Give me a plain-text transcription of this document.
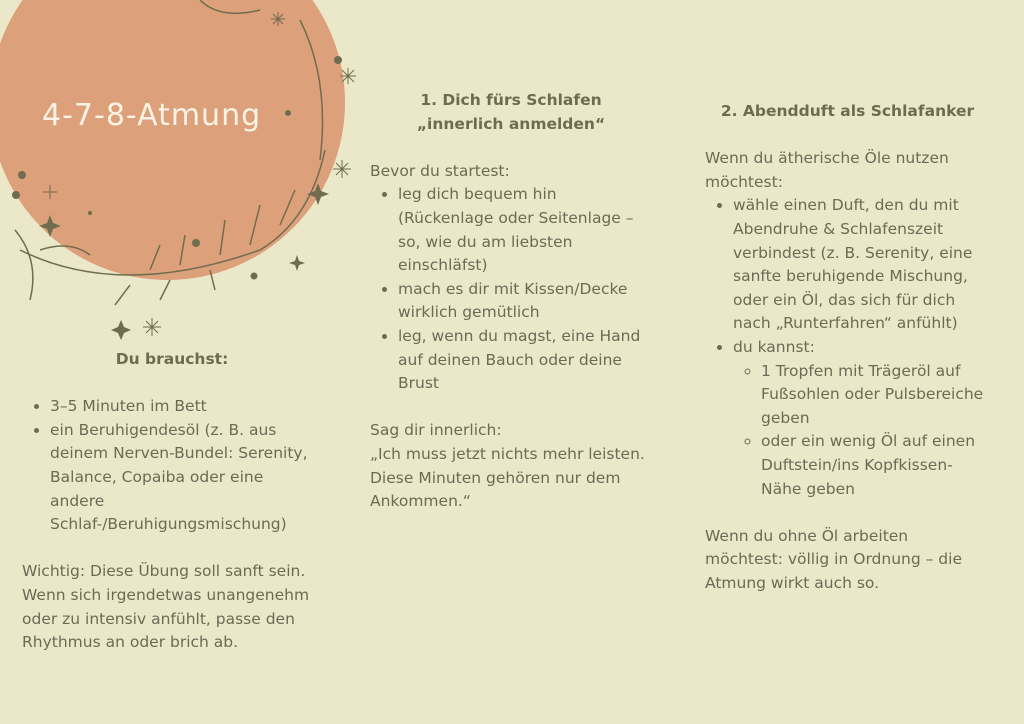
4-7-8-Atmung
Du brauchst:
• 3–5 Minuten im Bett
• ein Beruhigendesöl (z. B. aus deinem Nerven-Bundel: Serenity, Balance, Copaiba oder eine andere Schlaf-/Beruhigungsmischung)

Wichtig: Diese Übung soll sanft sein. Wenn sich irgendetwas unangenehm oder zu intensiv anfühlt, passe den Rhythmus an oder brich ab.

1. Dich fürs Schlafen „innerlich anmelden“

Bevor du startest:

• leg dich bequem hin (Rückenlage oder Seitenlage – so, wie du am liebsten einschläfst)
• mach es dir mit Kissen/Decke wirklich gemütlich
• leg, wenn du magst, eine Hand auf deinen Bauch oder deine Brust

Sag dir innerlich:

„Ich muss jetzt nichts mehr leisten. Diese Minuten gehören nur dem Ankommen.“

2. Abendduft als Schlafanker

Wenn du ätherische Öle nutzen möchtest:

• wähle einen Duft, den du mit Abendruhe & Schlafenszeit verbindest (z. B. Serenity, eine sanfte beruhigende Mischung, oder ein Öl, das sich für dich nach „Runterfahren“ anfühlt)
• du kannst:
◦ 1 Tropfen mit Trägeröl auf Fußsohlen oder Pulsbereiche geben
◦ oder ein wenig Öl auf einen Duftstein/ins Kopfkissen-Nähe geben

Wenn du ohne Öl arbeiten möchtest: völlig in Ordnung – die Atmung wirkt auch so.
